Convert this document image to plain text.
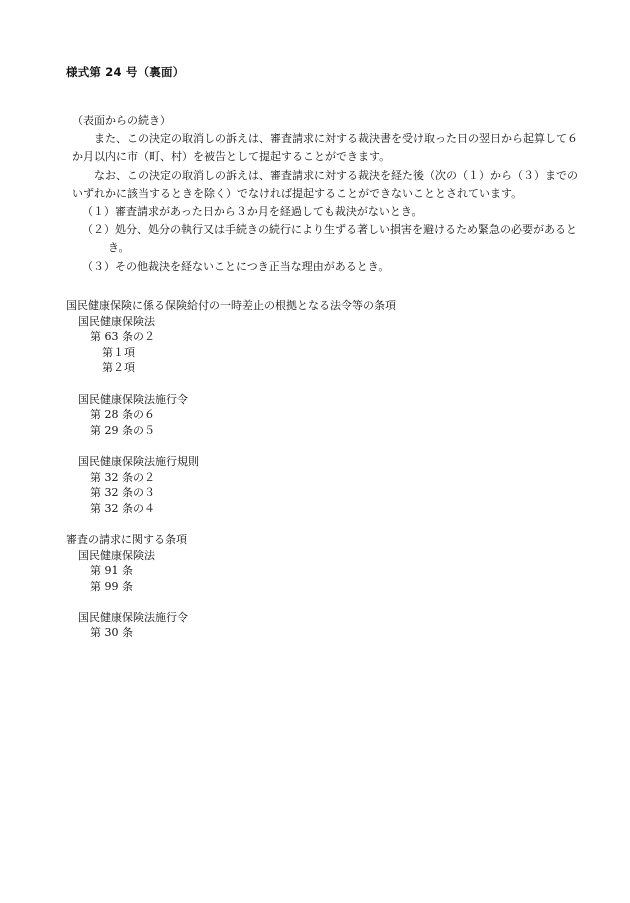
様式第 24 号（裏面）

（表面からの続き）

また、この決定の取消しの訴えは、審査請求に対する裁決書を受け取った日の翌日から起算して６か月以内に市（町、村）を被告として提起することができます。

なお、この決定の取消しの訴えは、審査請求に対する裁決を経た後（次の（１）から（３）までのいずれかに該当するときを除く）でなければ提起することができないこととされています。

（１）審査請求があった日から３か月を経過しても裁決がないとき。

（２）処分、処分の執行又は手続きの続行により生ずる著しい損害を避けるため緊急の必要があるとき。

（３）その他裁決を経ないことにつき正当な理由があるとき。

国民健康保険に係る保険給付の一時差止の根拠となる法令等の条項
国民健康保険法
第 63 条の２
第１項
第２項
国民健康保険法施行令
第 28 条の６
第 29 条の５
国民健康保険法施行規則
第 32 条の２
第 32 条の３
第 32 条の４
審査の請求に関する条項
国民健康保険法
第 91 条
第 99 条
国民健康保険法施行令
第 30 条
